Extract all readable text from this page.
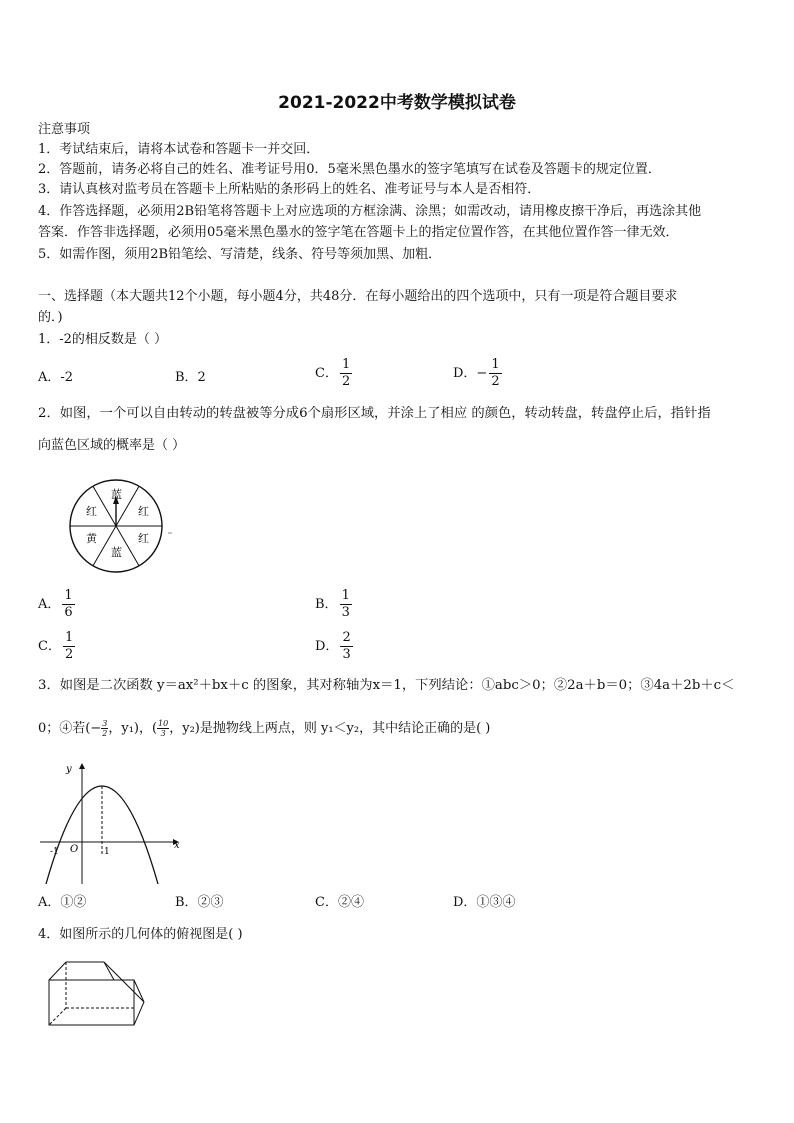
2021-2022中考数学模拟试卷
注意事项
1．考试结束后，请将本试卷和答题卡一并交回．
2．答题前，请务必将自己的姓名、准考证号用0．5毫米黑色墨水的签字笔填写在试卷及答题卡的规定位置．
3．请认真核对监考员在答题卡上所粘贴的条形码上的姓名、准考证号与本人是否相符．
4．作答选择题，必须用2B铅笔将答题卡上对应选项的方框涂满、涂黑；如需改动，请用橡皮擦干净后，再选涂其他
答案．作答非选择题，必须用05毫米黑色墨水的签字笔在答题卡上的指定位置作答，在其他位置作答一律无效．
5．如需作图，须用2B铅笔绘、写清楚，线条、符号等须加黑、加粗．
一、选择题（本大题共12个小题，每小题4分，共48分．在每小题给出的四个选项中，只有一项是符合题目要求
的．)
1．-2的相反数是（ ）
A．-2	B．2	C． $\frac{1}{2}$	D．− $\frac{1}{2}$
2．如图，一个可以自由转动的转盘被等分成6个扇形区域，并涂上了相应 的颜色，转动转盘，转盘停止后，指针指
向蓝色区域的概率是（ ）
蓝
红
红
蓝
黄
红
A． $\frac{1}{6}$	B． $\frac{1}{3}$
C． $\frac{1}{2}$	D． $\frac{2}{3}$
3．如图是二次函数 y＝ax²＋bx＋c 的图象，其对称轴为x＝1，下列结论：①abc＞0；②2a＋b＝0；③4a＋2b＋c＜
0；④若(− $\frac{3}{2}$ ，y₁)，( $\frac{10}{3}$ ，y₂)是抛物线上两点，则 y₁＜y₂，其中结论正确的是( )
y
x
O
-1	1
A．①②	B．②③	C．②④	D．①③④
4．如图所示的几何体的俯视图是( )
